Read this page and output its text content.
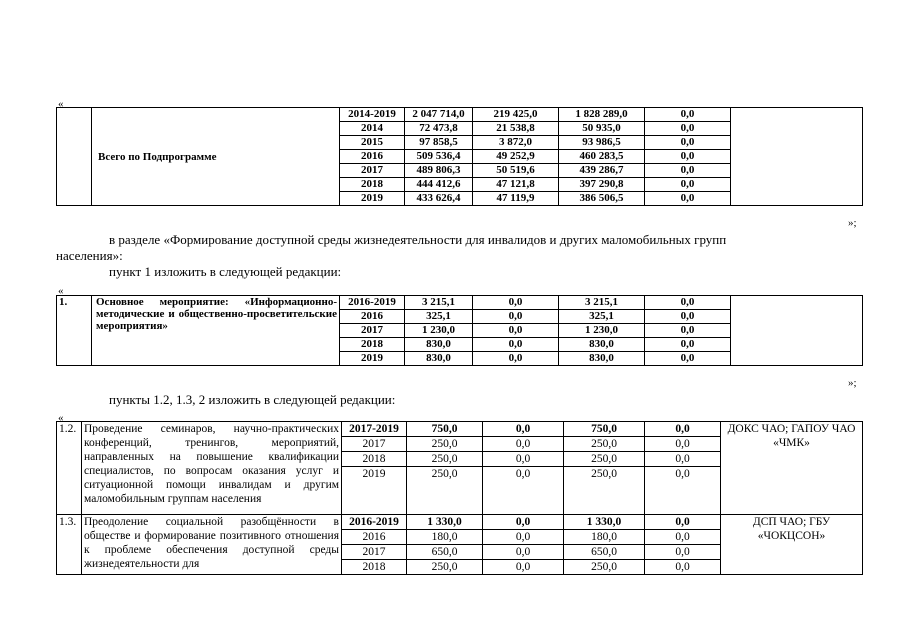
«
	Всего по Подпрограмме	2014-2019	2 047 714,0	219 425,0	1 828 289,0	0,0	
		2014	72 473,8	21 538,8	50 935,0	0,0	
		2015	97 858,5	3 872,0	93 986,5	0,0	
		2016	509 536,4	49 252,9	460 283,5	0,0	
		2017	489 806,3	50 519,6	439 286,7	0,0	
		2018	444 412,6	47 121,8	397 290,8	0,0	
		2019	433 626,4	47 119,9	386 506,5	0,0	
»;
в разделе «Формирование доступной среды жизнедеятельности для инвалидов и других маломобильных групп
населения»:
пункт 1 изложить в следующей редакции:
«
1.	Основное мероприятие: «Информационно-методические и общественно-просветительские мероприятия»	2016-2019	3 215,1	0,0	3 215,1	0,0	
		2016	325,1	0,0	325,1	0,0	
		2017	1 230,0	0,0	1 230,0	0,0	
		2018	830,0	0,0	830,0	0,0	
		2019	830,0	0,0	830,0	0,0	
»;
пункты 1.2, 1.3, 2 изложить в следующей редакции:
«
1.2.	Проведение семинаров, научно-практических конференций, тренингов, мероприятий, направленных на повышение квалификации специалистов, по вопросам оказания услуг и ситуационной помощи инвалидам и другим маломобильным группам населения	2017-2019	750,0	0,0	750,0	0,0	ДОКС ЧАО; ГАПОУ ЧАО «ЧМК»
		2017	250,0	0,0	250,0	0,0	
		2018	250,0	0,0	250,0	0,0	
		2019	250,0	0,0	250,0	0,0	

1.3.	Преодоление социальной разобщённости в обществе и формирование позитивного отношения к проблеме обеспечения доступной среды жизнедеятельности для	2016-2019	1 330,0	0,0	1 330,0	0,0	ДСП ЧАО; ГБУ «ЧОКЦСОН»
		2016	180,0	0,0	180,0	0,0	
		2017	650,0	0,0	650,0	0,0	
		2018	250,0	0,0	250,0	0,0	
